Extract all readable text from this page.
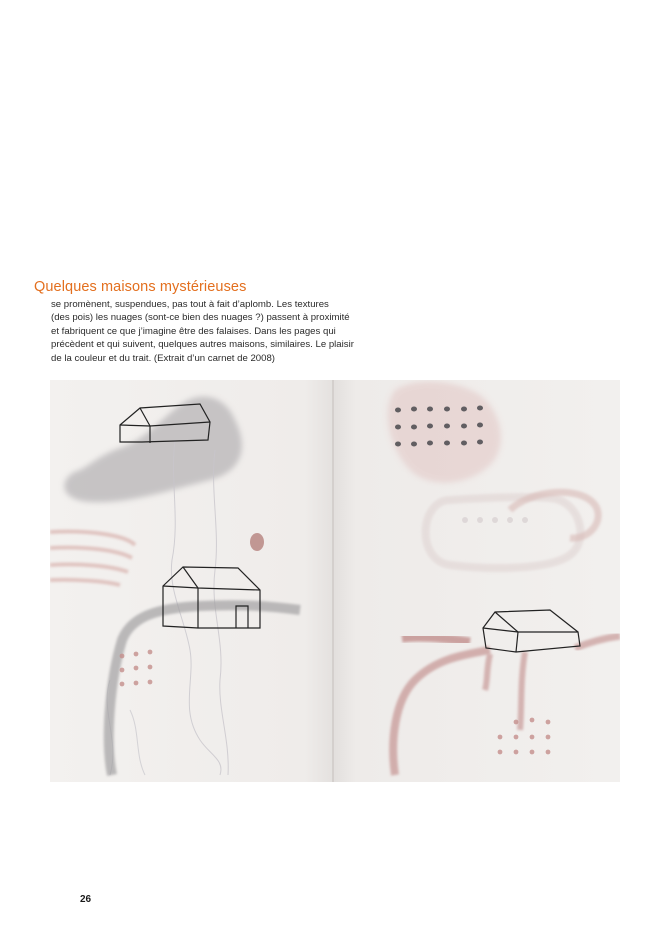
Quelques maisons mystérieuses
se promènent, suspendues, pas tout à fait d’aplomb. Les textures
(des pois) les nuages (sont-ce bien des nuages ?) passent à proximité
et fabriquent ce que j’imagine être des falaises. Dans les pages qui
précèdent et qui suivent, quelques autres maisons, similaires. Le plaisir
de la couleur et du trait. (Extrait d’un carnet de 2008)
26
